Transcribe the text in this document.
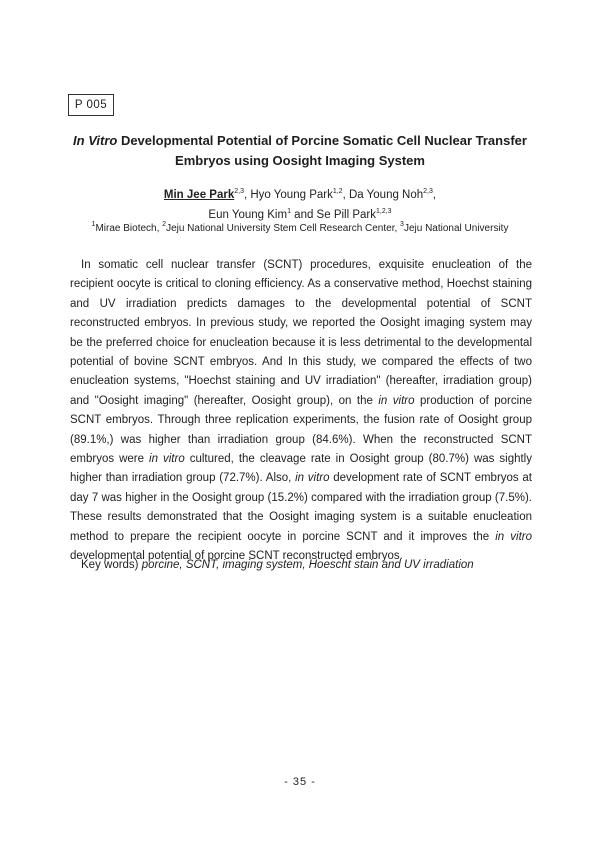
P 005
In Vitro Developmental Potential of Porcine Somatic Cell Nuclear Transfer Embryos using Oosight Imaging System
Min Jee Park$^{2,3}$, Hyo Young Park$^{1,2}$, Da Young Noh$^{2,3}$,
Eun Young Kim$^1$ and Se Pill Park$^{1,2,3}$
$^1$Mirae Biotech, $^2$Jeju National University Stem Cell Research Center, $^3$Jeju National University

In somatic cell nuclear transfer (SCNT) procedures, exquisite enucleation of the recipient oocyte is critical to cloning efficiency. As a conservative method, Hoechst staining and UV irradiation predicts damages to the developmental potential of SCNT reconstructed embryos. In previous study, we reported the Oosight imaging system may be the preferred choice for enucleation because it is less detrimental to the developmental potential of bovine SCNT embryos. And In this study, we compared the effects of two enucleation systems, "Hoechst staining and UV irradiation" (hereafter, irradiation group) and "Oosight imaging" (hereafter, Oosight group), on the in vitro production of porcine SCNT embryos. Through three replication experiments, the fusion rate of Oosight group (89.1%,) was higher than irradiation group (84.6%). When the reconstructed SCNT embryos were in vitro cultured, the cleavage rate in Oosight group (80.7%) was sightly higher than irradiation group (72.7%). Also, in vitro development rate of SCNT embryos at day 7 was higher in the Oosight group (15.2%) compared with the irradiation group (7.5%). These results demonstrated that the Oosight imaging system is a suitable enucleation method to prepare the recipient oocyte in porcine SCNT and it improves the in vitro developmental potential of porcine SCNT reconstructed embryos.

Key words) porcine, SCNT, imaging system, Hoescht stain and UV irradiation
- 35 -
